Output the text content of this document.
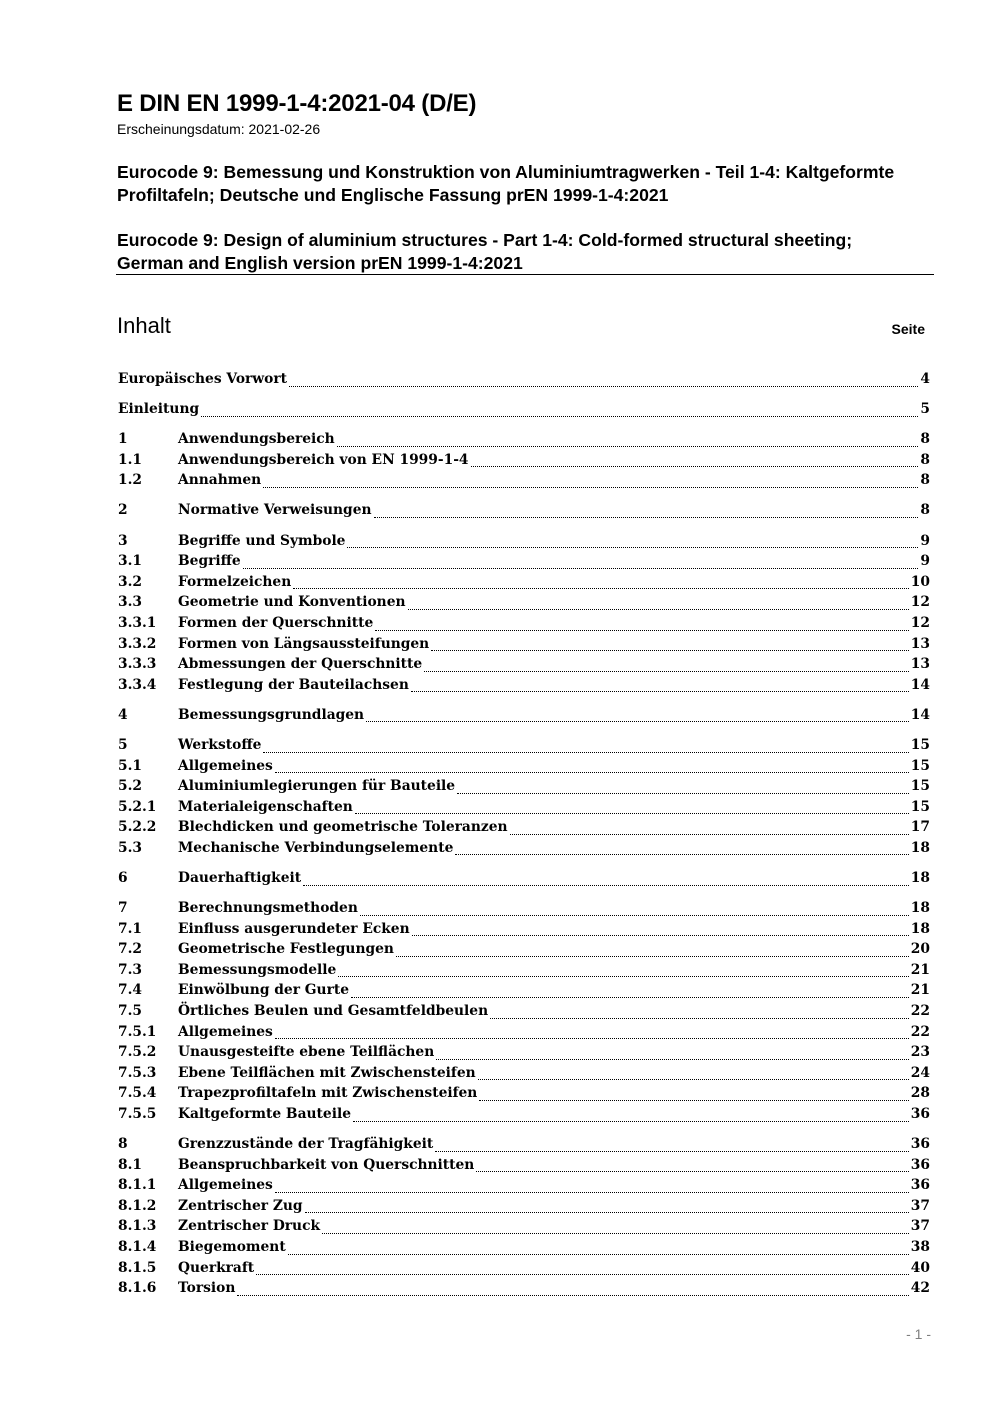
E DIN EN 1999-1-4:2021-04 (D/E)
Erscheinungsdatum: 2021-02-26
Eurocode 9: Bemessung und Konstruktion von Aluminiumtragwerken - Teil 1-4: Kaltgeformte Profiltafeln; Deutsche und Englische Fassung prEN 1999-1-4:2021
Eurocode 9: Design of aluminium structures - Part 1-4: Cold-formed structural sheeting; German and English version prEN 1999-1-4:2021
Inhalt	Seite
Europäisches Vorwort	4
Einleitung	5
1	Anwendungsbereich	8
1.1	Anwendungsbereich von EN 1999-1-4	8
1.2	Annahmen	8
2	Normative Verweisungen	8
3	Begriffe und Symbole	9
3.1	Begriffe	9
3.2	Formelzeichen	10
3.3	Geometrie und Konventionen	12
3.3.1	Formen der Querschnitte	12
3.3.2	Formen von Längsaussteifungen	13
3.3.3	Abmessungen der Querschnitte	13
3.3.4	Festlegung der Bauteilachsen	14
4	Bemessungsgrundlagen	14
5	Werkstoffe	15
5.1	Allgemeines	15
5.2	Aluminiumlegierungen für Bauteile	15
5.2.1	Materialeigenschaften	15
5.2.2	Blechdicken und geometrische Toleranzen	17
5.3	Mechanische Verbindungselemente	18
6	Dauerhaftigkeit	18
7	Berechnungsmethoden	18
7.1	Einfluss ausgerundeter Ecken	18
7.2	Geometrische Festlegungen	20
7.3	Bemessungsmodelle	21
7.4	Einwölbung der Gurte	21
7.5	Örtliches Beulen und Gesamtfeldbeulen	22
7.5.1	Allgemeines	22
7.5.2	Unausgesteifte ebene Teilflächen	23
7.5.3	Ebene Teilflächen mit Zwischensteifen	24
7.5.4	Trapezprofiltafeln mit Zwischensteifen	28
7.5.5	Kaltgeformte Bauteile	36
8	Grenzzustände der Tragfähigkeit	36
8.1	Beanspruchbarkeit von Querschnitten	36
8.1.1	Allgemeines	36
8.1.2	Zentrischer Zug	37
8.1.3	Zentrischer Druck	37
8.1.4	Biegemoment	38
8.1.5	Querkraft	40
8.1.6	Torsion	42
- 1 -
